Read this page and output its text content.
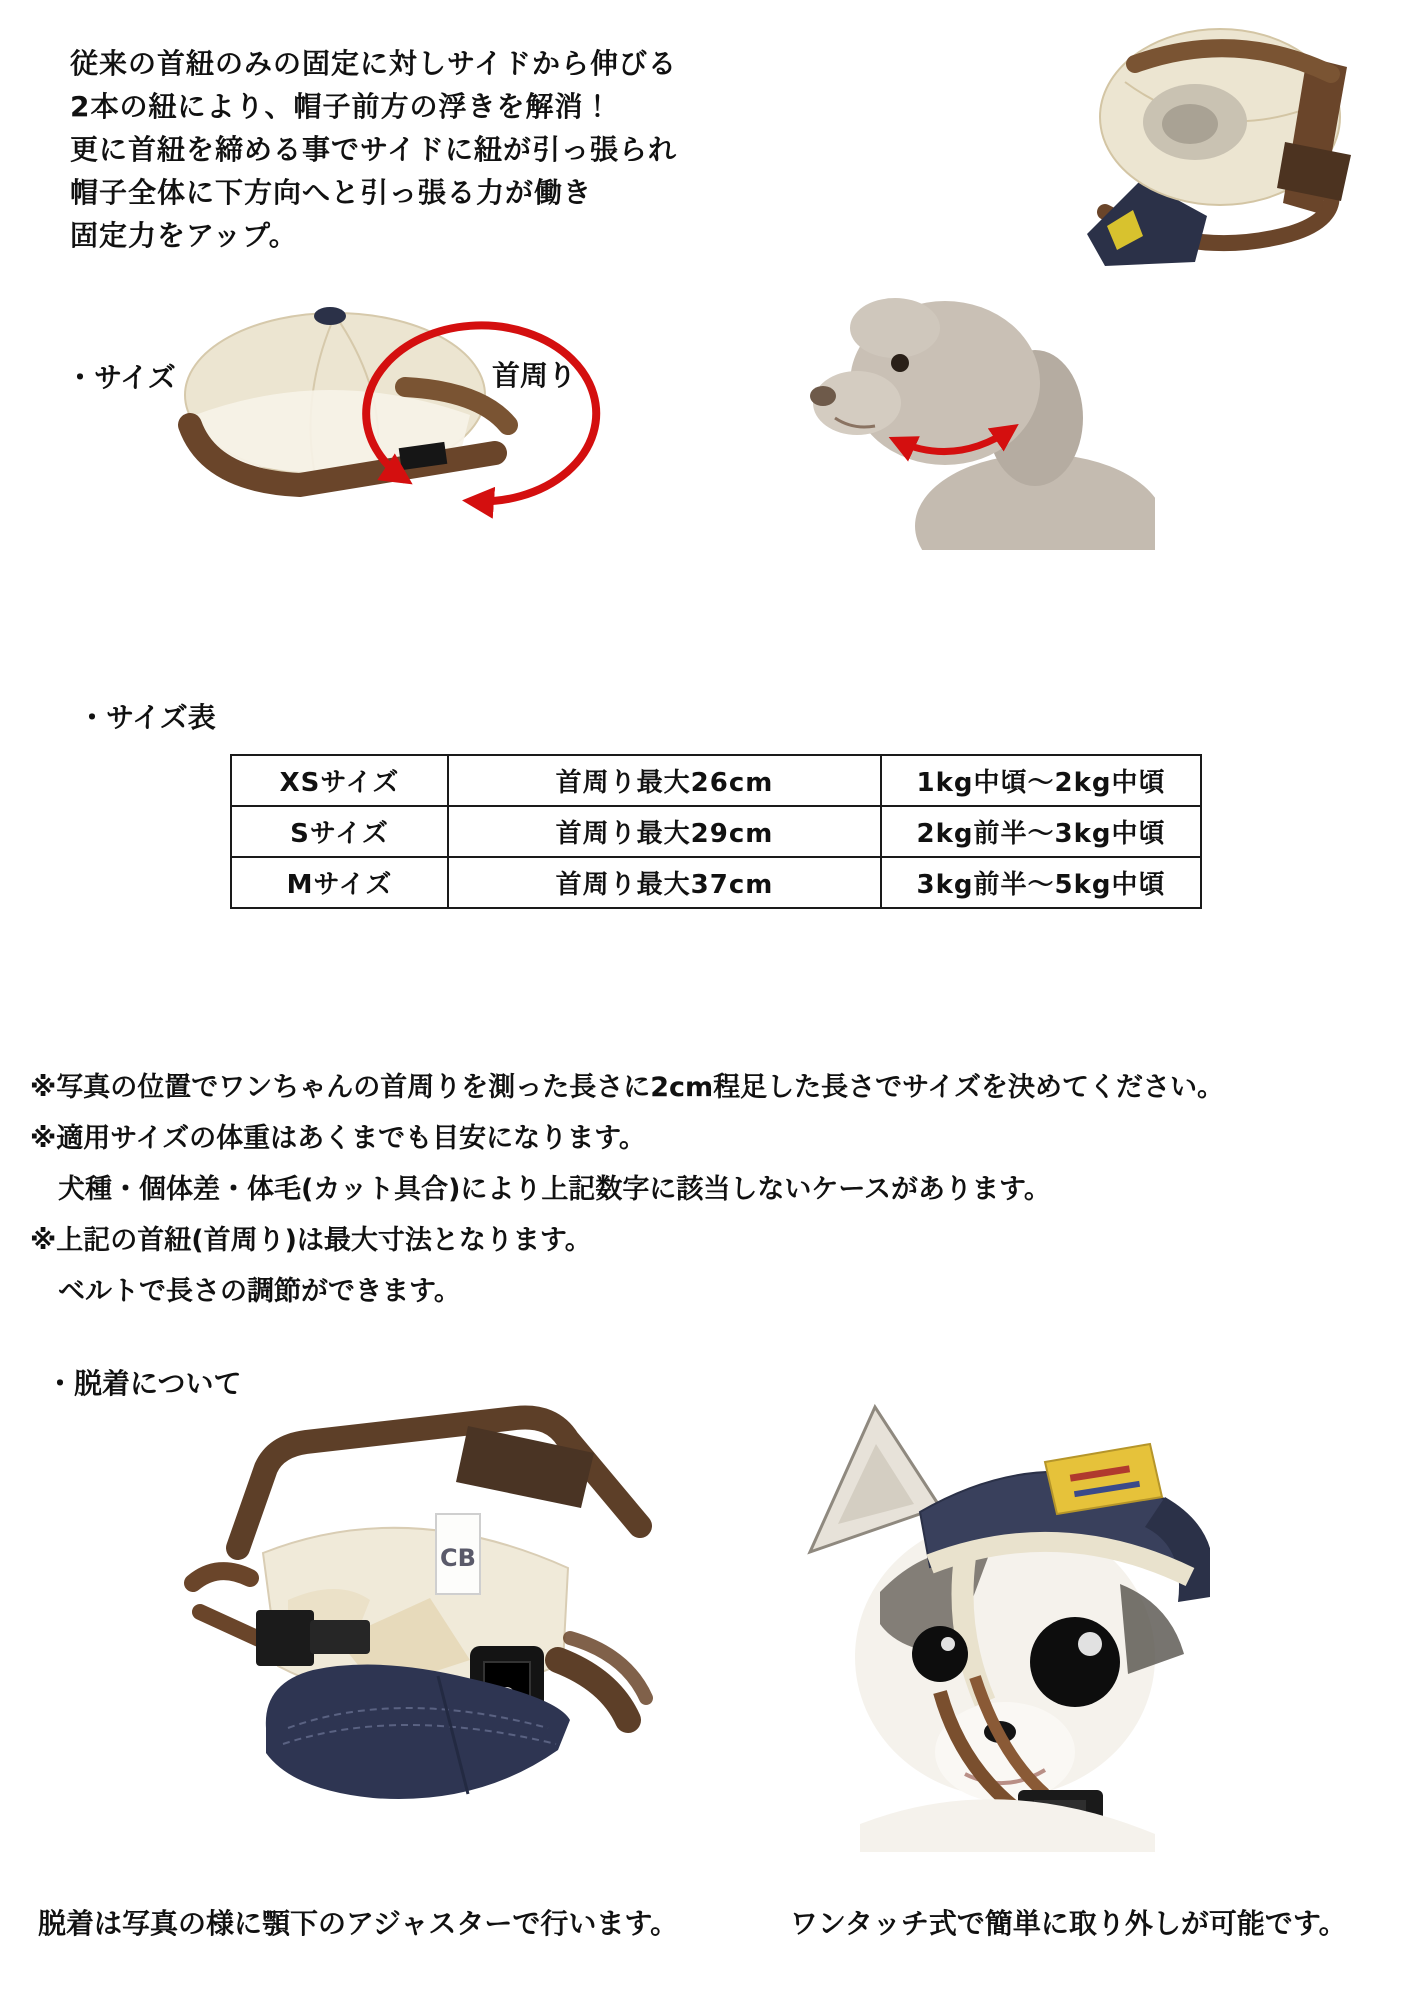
従来の首紐のみの固定に対しサイドから伸びる
2本の紐により、帽子前方の浮きを解消！
更に首紐を締める事でサイドに紐が引っ張られ
帽子全体に下方向へと引っ張る力が働き
固定力をアップ。
・サイズ	首周り
・サイズ表
XSサイズ	首周り最大26cm	1kg中頃～2kg中頃
Sサイズ	首周り最大29cm	2kg前半～3kg中頃
Mサイズ	首周り最大37cm	3kg前半～5kg中頃
※写真の位置でワンちゃんの首周りを測った長さに2cm程足した長さでサイズを決めてください。
※適用サイズの体重はあくまでも目安になります。
犬種・個体差・体毛(カット具合)により上記数字に該当しないケースがあります。
※上記の首紐(首周り)は最大寸法となります。
ベルトで長さの調節ができます。
・脱着について
CB
脱着は写真の様に顎下のアジャスターで行います。	ワンタッチ式で簡単に取り外しが可能です。
